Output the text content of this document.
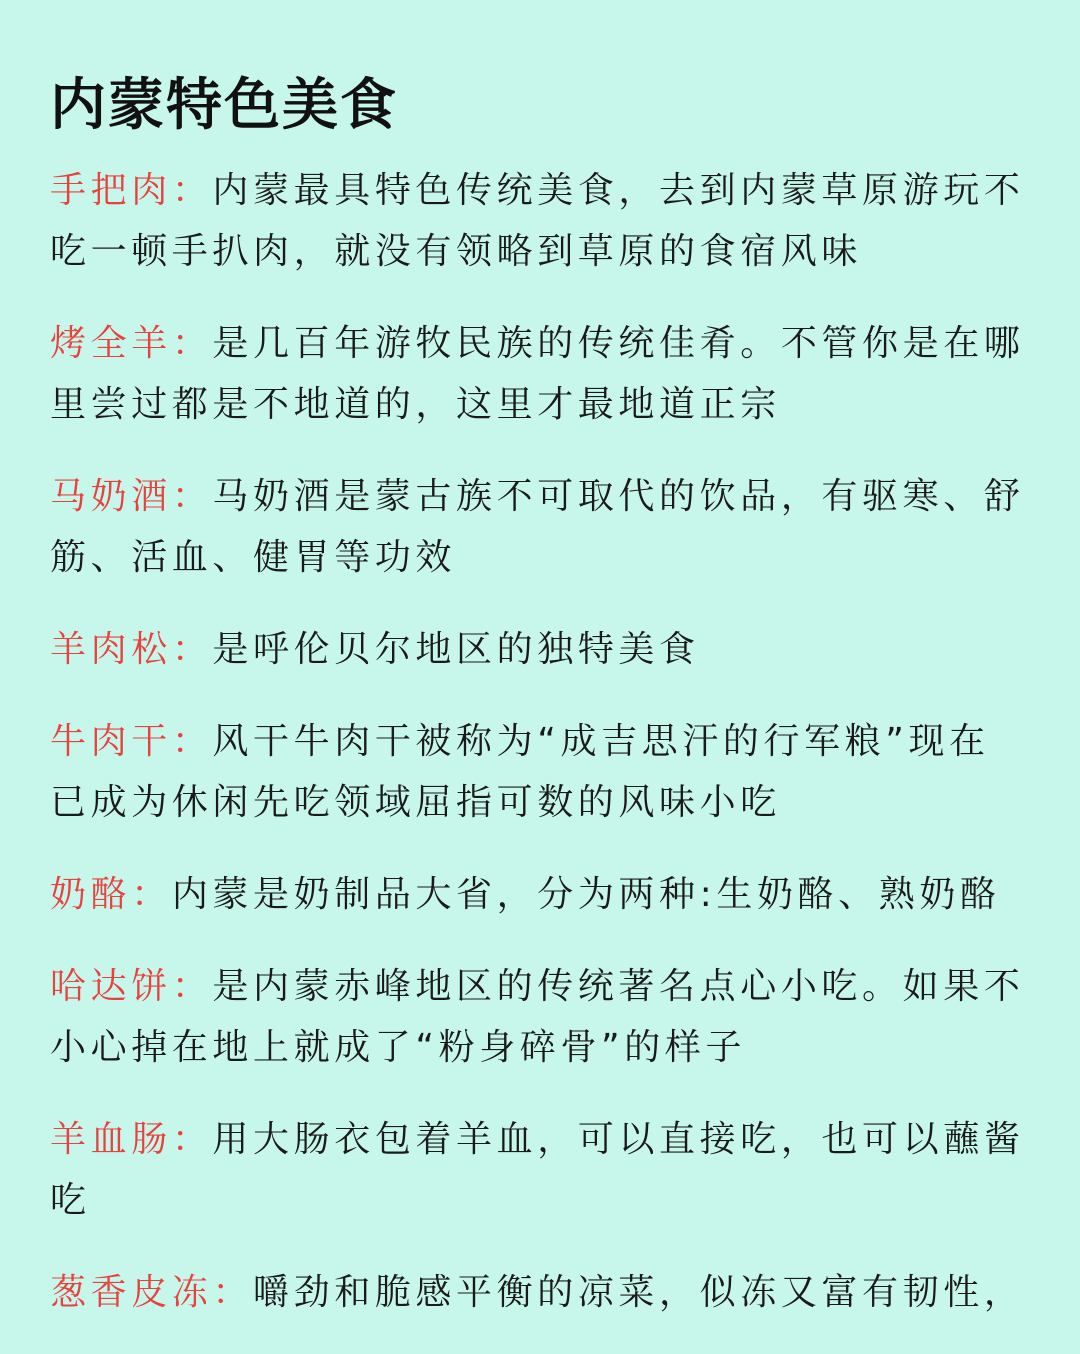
内蒙特色美食

手把肉：内蒙最具特色传统美食，去到内蒙草原游玩不吃一顿手扒肉，就没有领略到草原的食宿风味

烤全羊：是几百年游牧民族的传统佳肴。不管你是在哪里尝过都是不地道的，这里才最地道正宗

马奶酒：马奶酒是蒙古族不可取代的饮品，有驱寒、舒筋、活血、健胃等功效

羊肉松：是呼伦贝尔地区的独特美食

牛肉干：风干牛肉干被称为“成吉思汗的行军粮”现在已成为休闲先吃领域屈指可数的风味小吃

奶酪：内蒙是奶制品大省，分为两种:生奶酪、熟奶酪

哈达饼：是内蒙赤峰地区的传统著名点心小吃。如果不小心掉在地上就成了“粉身碎骨”的样子

羊血肠：用大肠衣包着羊血，可以直接吃，也可以蘸酱吃

葱香皮冻：嚼劲和脆感平衡的凉菜，似冻又富有韧性，
